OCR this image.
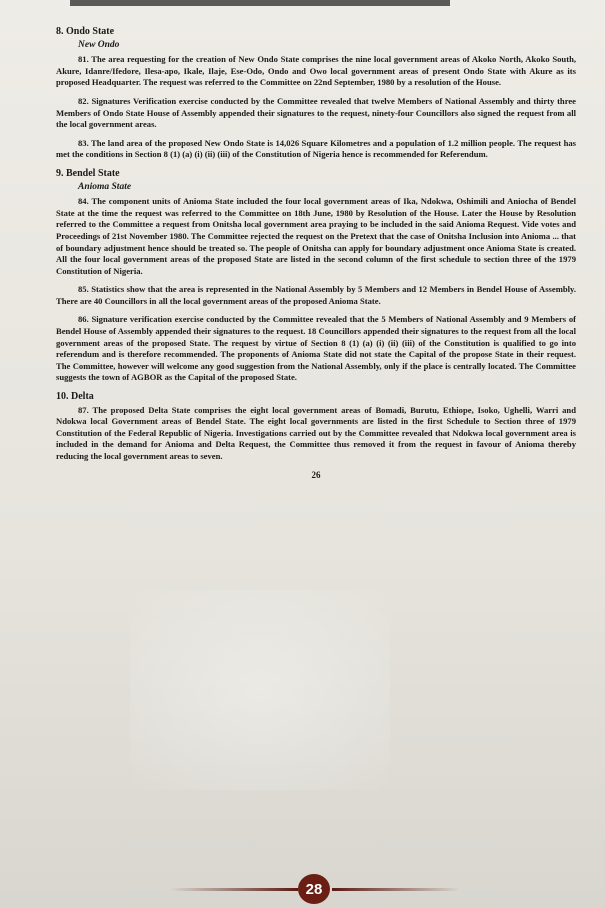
8. Ondo State
New Ondo

81. The area requesting for the creation of New Ondo State comprises the nine local government areas of Akoko North, Akoko South, Akure, Idanre/Ifedore, Ilesa-apo, Ikale, Ilaje, Ese-Odo, Ondo and Owo local government areas of present Ondo State with Akure as its proposed Headquarter. The request was referred to the Committee on 22nd September, 1980 by a resolution of the House.

82. Signatures Verification exercise conducted by the Committee revealed that twelve Members of National Assembly and thirty three Members of Ondo State House of Assembly appended their signatures to the request, ninety-four Councillors also signed the request from all the local government areas.

83. The land area of the proposed New Ondo State is 14,026 Square Kilometres and a population of 1.2 million people. The request has met the conditions in Section 8 (1) (a) (i) (ii) (iii) of the Constitution of Nigeria hence is recommended for Referendum.

9. Bendel State
Anioma State

84. The component units of Anioma State included the four local government areas of Ika, Ndokwa, Oshimili and Aniocha of Bendel State at the time the request was referred to the Committee on 18th June, 1980 by Resolution of the House. Later the House by Resolution referred to the Committee a request from Onitsha local government area praying to be included in the said Anioma Request. Vide votes and Proceedings of 21st November 1980. The Committee rejected the request on the Pretext that the case of Onitsha Inclusion into Anioma ... that of boundary adjustment hence should be treated so. The people of Onitsha can apply for boundary adjustment once Anioma State is created. All the four local government areas of the proposed State are listed in the second column of the first schedule to section three of the 1979 Constitution of Nigeria.

85. Statistics show that the area is represented in the National Assembly by 5 Members and 12 Members in Bendel House of Assembly. There are 40 Councillors in all the local government areas of the proposed Anioma State.

86. Signature verification exercise conducted by the Committee revealed that the 5 Members of National Assembly and 9 Members of Bendel House of Assembly appended their signatures to the request. 18 Councillors appended their signatures to the request from all the local government areas of the proposed State. The request by virtue of Section 8 (1) (a) (i) (ii) (iii) of the Constitution is qualified to go into referendum and is therefore recommended. The proponents of Anioma State did not state the Capital of the propose State in their request. The Committee, however will welcome any good suggestion from the National Assembly, only if the place is centrally located. The Committee suggests the town of AGBOR as the Capital of the proposed State.

10. Delta

87. The proposed Delta State comprises the eight local government areas of Bomadi, Burutu, Ethiope, Isoko, Ughelli, Warri and Ndokwa local Government areas of Bendel State. The eight local governments are listed in the first Schedule to Section three of 1979 Constitution of the Federal Republic of Nigeria. Investigations carried out by the Committee revealed that Ndokwa local government area is included in the demand for Anioma and Delta Request, the Committee thus removed it from the request in favour of Anioma thereby reducing the local government areas to seven.

26
28
